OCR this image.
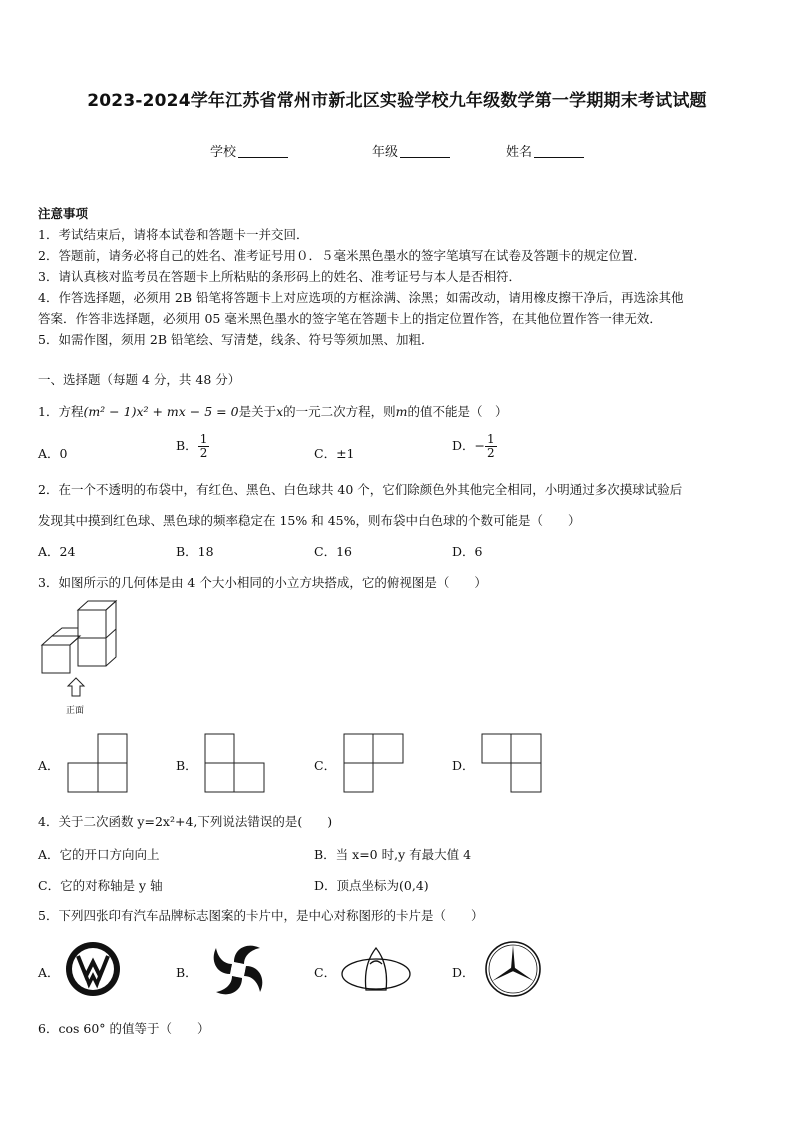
2023-2024学年江苏省常州市新北区实验学校九年级数学第一学期期末考试试题
学校	年级	姓名
注意事项
1．考试结束后，请将本试卷和答题卡一并交回．
2．答题前，请务必将自己的姓名、准考证号用０．５毫米黑色墨水的签字笔填写在试卷及答题卡的规定位置．
3．请认真核对监考员在答题卡上所粘贴的条形码上的姓名、准考证号与本人是否相符．
4．作答选择题，必须用 2B 铅笔将答题卡上对应选项的方框涂满、涂黑；如需改动，请用橡皮擦干净后，再选涂其他
答案．作答非选择题，必须用 05 毫米黑色墨水的签字笔在答题卡上的指定位置作答，在其他位置作答一律无效．
5．如需作图，须用 2B 铅笔绘、写清楚，线条、符号等须加黑、加粗．
一、选择题（每题 4 分，共 48 分）
1．方程(m² − 1)x² + mx − 5 = 0是关于x的一元二次方程，则m的值不能是（　）
A．0
B． $\frac{1}{2}$	C．±1
D．− $\frac{1}{2}$
2．在一个不透明的布袋中，有红色、黑色、白色球共 40 个，它们除颜色外其他完全相同，小明通过多次摸球试验后
发现其中摸到红色球、黑色球的频率稳定在 15% 和 45%，则布袋中白色球的个数可能是（　　）
A．24	B．18	C．16	D．6
3．如图所示的几何体是由 4 个大小相同的小立方块搭成，它的俯视图是（　　）
正面
A．	B．	C．	D．
4．关于二次函数 y=2x²+4,下列说法错误的是(　　)
A．它的开口方向向上	B．当 x=0 时,y 有最大值 4
C．它的对称轴是 y 轴	D．顶点坐标为(0,4)
5．下列四张印有汽车品牌标志图案的卡片中，是中心对称图形的卡片是（　　）
A．	B．	C．	D．
6．cos 60° 的值等于（　　）
